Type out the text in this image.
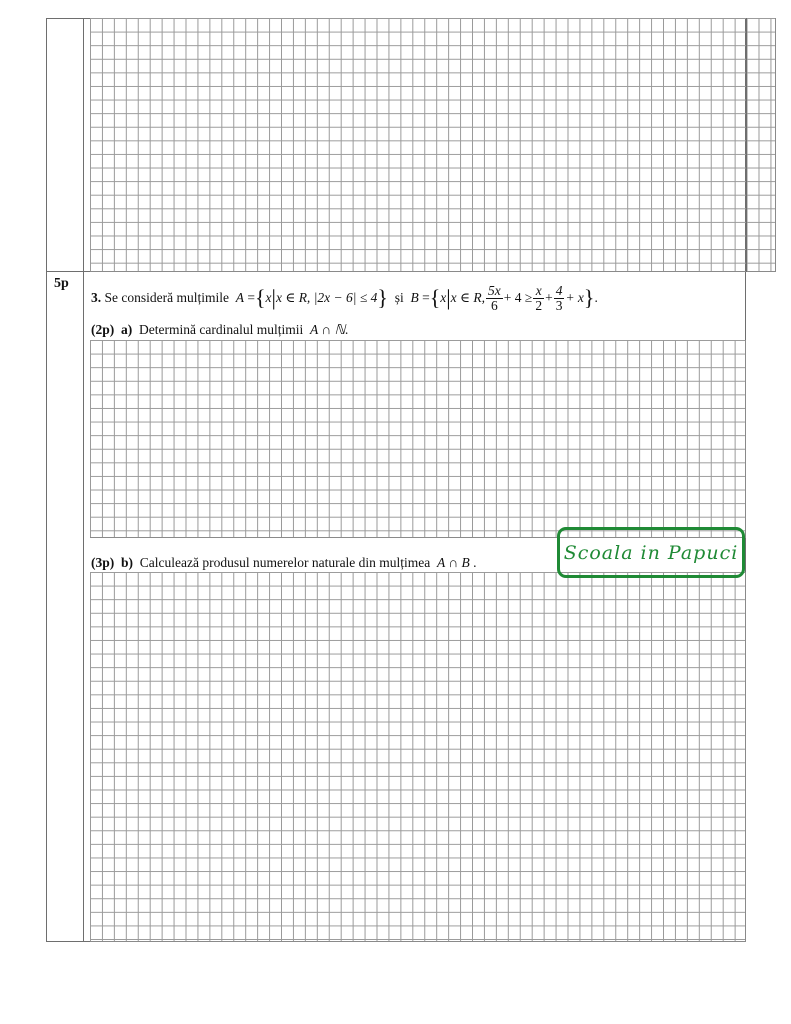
5p
3.
Se consideră mulțimile
A
= { x | x ∈ R,
|2x − 6| ≤ 4 }
și
B
= { x | x ∈ R, $\frac{5x}{6} + 4 \ge \frac{x}{2} + \frac{4}{3} + x$ } .
(2p) a) Determină cardinalul mulțimii A ∩ ℕ.
(3p) b) Calculează produsul numerelor naturale din mulțimea A ∩ B .	Scoala in Papuci
